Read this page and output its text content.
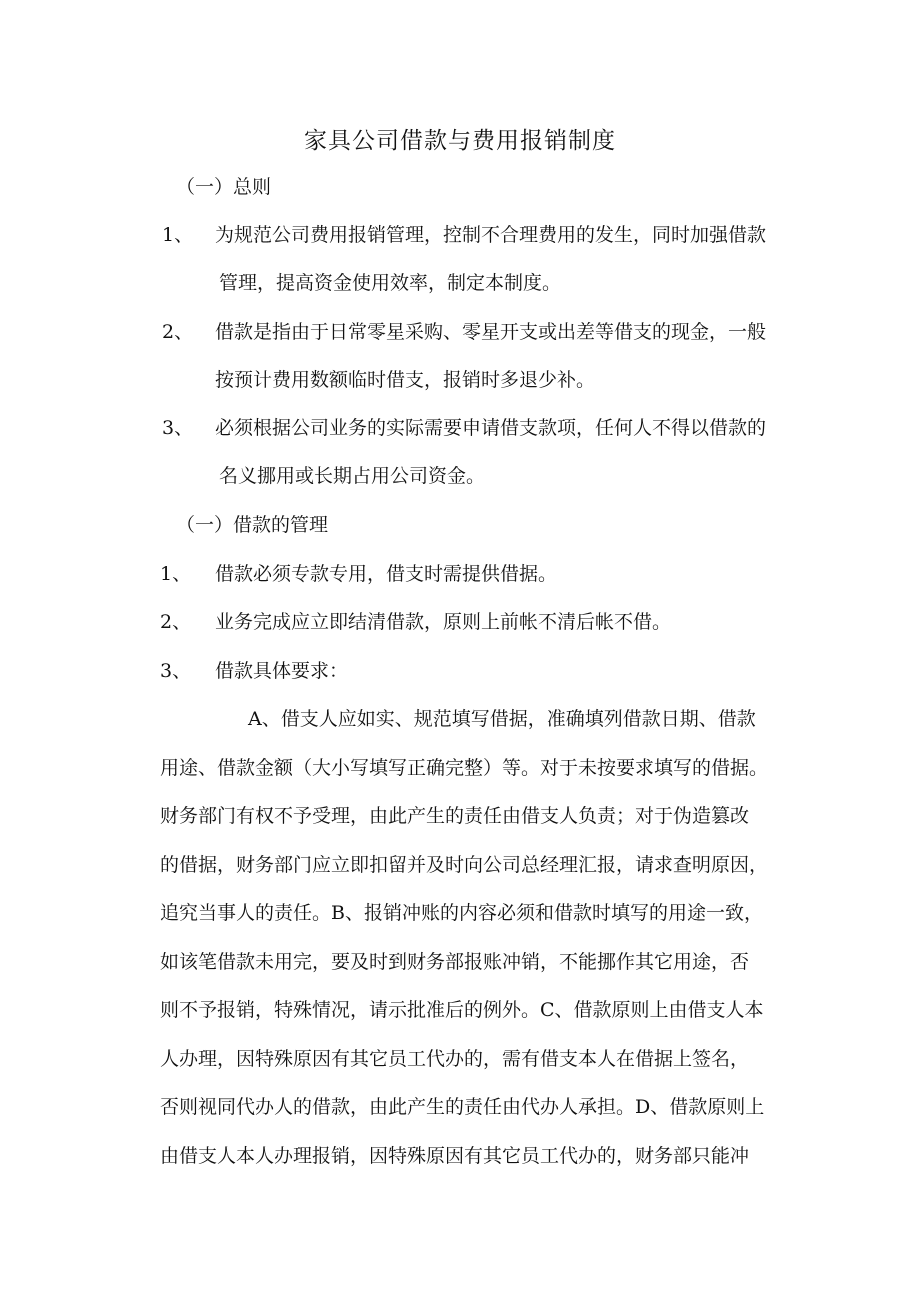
家具公司借款与费用报销制度
（一）总则
1、 为规范公司费用报销管理，控制不合理费用的发生，同时加强借款
管理，提高资金使用效率，制定本制度。
2、 借款是指由于日常零星采购、零星开支或出差等借支的现金，一般
按预计费用数额临时借支，报销时多退少补。
3、 必须根据公司业务的实际需要申请借支款项，任何人不得以借款的
名义挪用或长期占用公司资金。
（一）借款的管理
1、 借款必须专款专用，借支时需提供借据。
2、 业务完成应立即结清借款，原则上前帐不清后帐不借。
3、 借款具体要求：
A、借支人应如实、规范填写借据，准确填列借款日期、借款
用途、借款金额（大小写填写正确完整）等。对于未按要求填写的借据。
财务部门有权不予受理，由此产生的责任由借支人负责；对于伪造篡改
的借据，财务部门应立即扣留并及时向公司总经理汇报，请求查明原因，
追究当事人的责任。B、报销冲账的内容必须和借款时填写的用途一致，
如该笔借款未用完，要及时到财务部报账冲销，不能挪作其它用途，否
则不予报销，特殊情况，请示批准后的例外。C、借款原则上由借支人本
人办理，因特殊原因有其它员工代办的，需有借支本人在借据上签名，
否则视同代办人的借款，由此产生的责任由代办人承担。D、借款原则上
由借支人本人办理报销，因特殊原因有其它员工代办的，财务部只能冲
